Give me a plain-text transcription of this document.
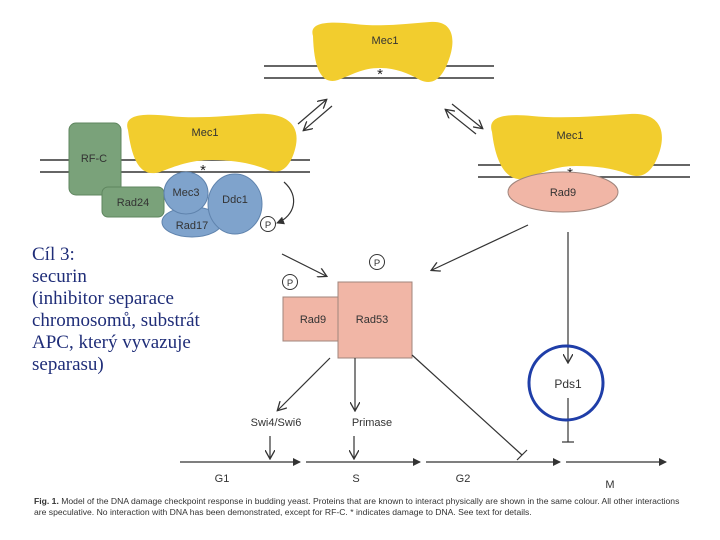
Mec1
*
RF-C
Rad24
Mec1
*
Rad17
Mec3
Ddc1
P
Mec1
Rad9
Rad9	Rad53
P
P
Pds1
Swi4/Swi6	Primase
G1	S	G2	M
Cíl 3:
securin
(inhibitor separace
chromosomů, substrát
APC, který vyvazuje
separasu)
Fig. 1. Model of the DNA damage checkpoint response in budding yeast. Proteins that are known to interact physically are shown in the same colour. All other interactions are speculative. No interaction with DNA has been demonstrated, except for RF-C. * indicates damage to DNA. See text for details.
